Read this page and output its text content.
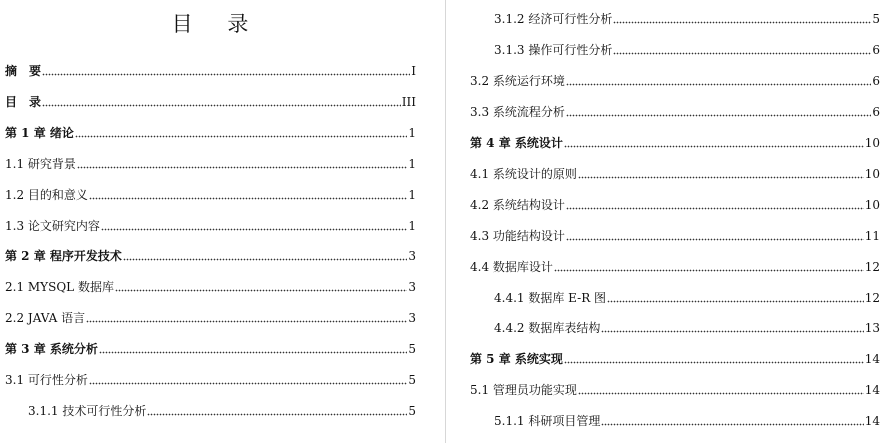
目 录
摘　要	I
目　录	III
第 1 章 绪论	1
1.1 研究背景	1
1.2 目的和意义	1
1.3 论文研究内容	1
第 2 章 程序开发技术	3
2.1 MYSQL 数据库	3
2.2 JAVA 语言	3
第 3 章 系统分析	5
3.1 可行性分析	5
3.1.1 技术可行性分析	5
3.1.2 经济可行性分析	5
3.1.3 操作可行性分析	6
3.2 系统运行环境	6
3.3 系统流程分析	6
第 4 章 系统设计	10
4.1 系统设计的原则	10
4.2 系统结构设计	10
4.3 功能结构设计	11
4.4 数据库设计	12
4.4.1 数据库 E-R 图	12
4.4.2 数据库表结构	13
第 5 章 系统实现	14
5.1 管理员功能实现	14
5.1.1 科研项目管理	14
